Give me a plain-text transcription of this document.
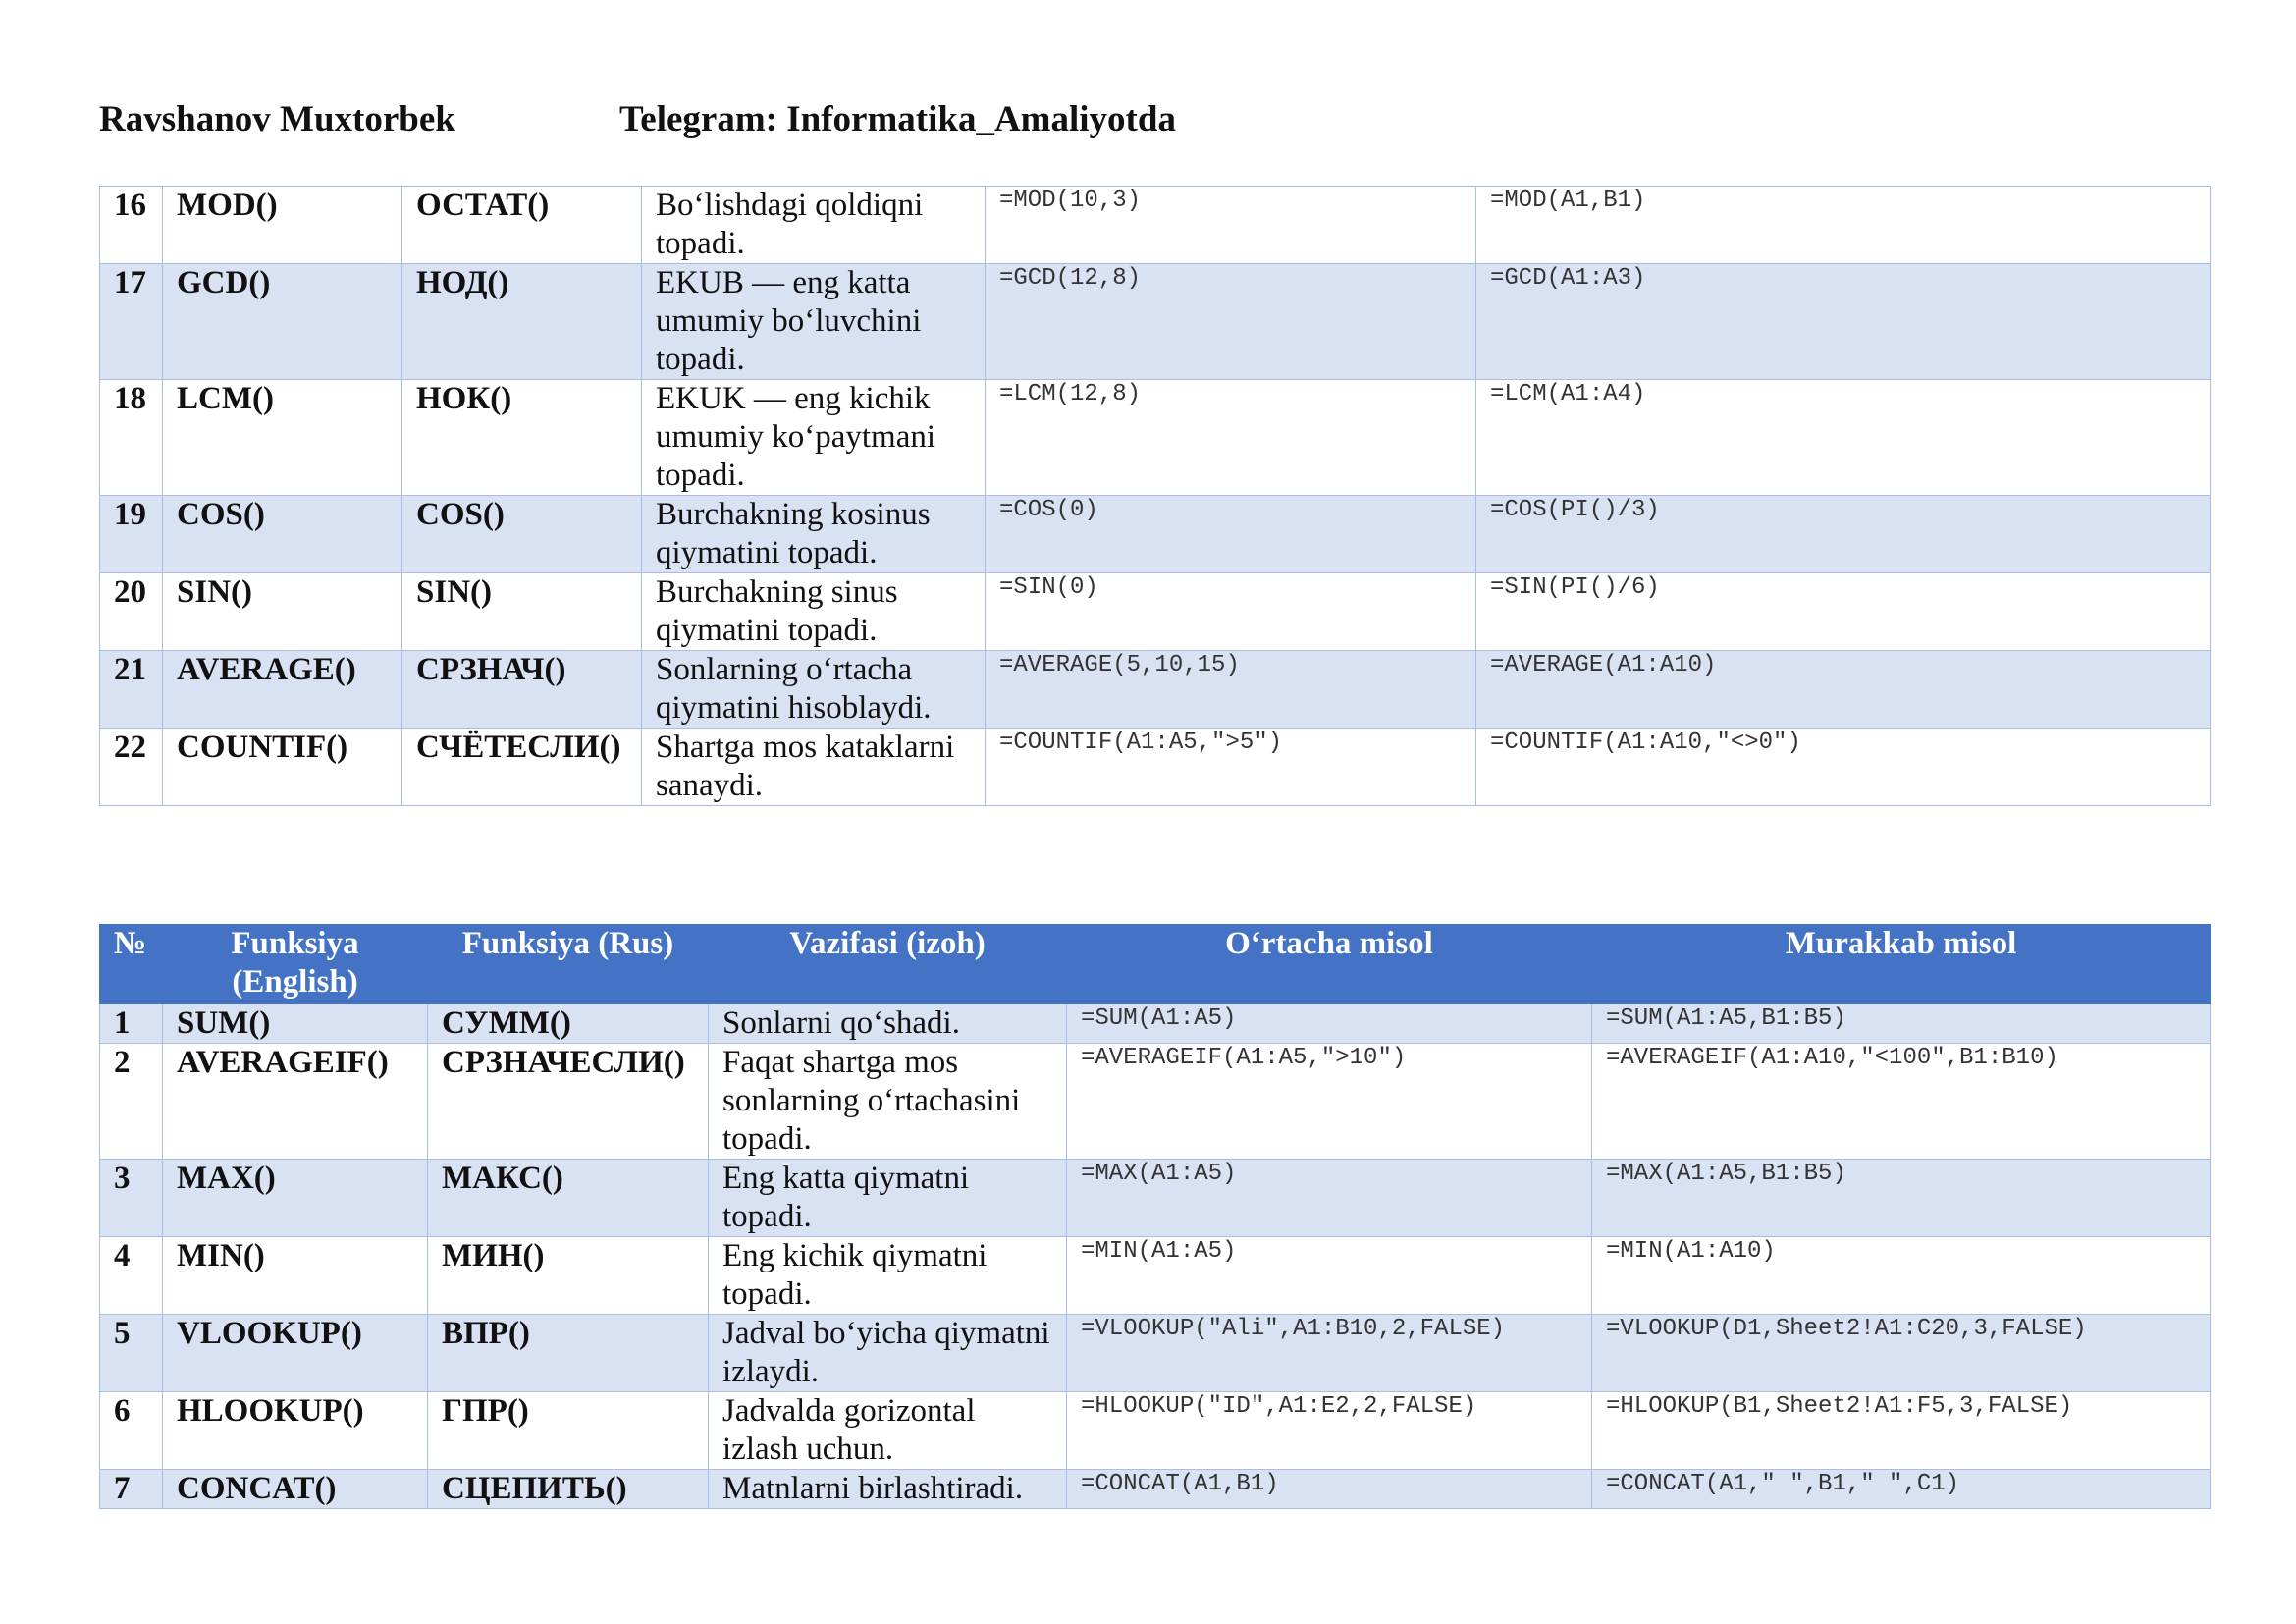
Ravshanov Muxtorbek	Telegram: Informatika_Amaliyotda
16	MOD()	ОСТАТ()	Bo‘lishdagi qoldiqni topadi.	=MOD(10,3)	=MOD(A1,B1)

17	GCD()	НОД()	EKUB — eng katta umumiy bo‘luvchini topadi.	=GCD(12,8)	=GCD(A1:A3)

18	LCM()	НОК()	EKUK — eng kichik umumiy ko‘paytmani topadi.	=LCM(12,8)	=LCM(A1:A4)

19	COS()	COS()	Burchakning kosinus qiymatini topadi.	=COS(0)	=COS(PI()/3)

20	SIN()	SIN()	Burchakning sinus qiymatini topadi.	=SIN(0)	=SIN(PI()/6)

21	AVERAGE()	СРЗНАЧ()	Sonlarning o‘rtacha qiymatini hisoblaydi.	=AVERAGE(5,10,15)	=AVERAGE(A1:A10)

22	COUNTIF()	СЧЁТЕСЛИ()	Shartga mos kataklarni sanaydi.	=COUNTIF(A1:A5,">5")	=COUNTIF(A1:A10,"<>0")
№	Funksiya (English)	Funksiya (Rus)	Vazifasi (izoh)	O‘rtacha misol	Murakkab misol

1	SUM()	СУММ()	Sonlarni qo‘shadi.	=SUM(A1:A5)	=SUM(A1:A5,B1:B5)

2	AVERAGEIF()	СРЗНАЧЕСЛИ()	Faqat shartga mos sonlarning o‘rtachasini topadi.	=AVERAGEIF(A1:A5,">10")	=AVERAGEIF(A1:A10,"<100",B1:B10)

3	MAX()	МАКС()	Eng katta qiymatni topadi.	=MAX(A1:A5)	=MAX(A1:A5,B1:B5)

4	MIN()	МИН()	Eng kichik qiymatni topadi.	=MIN(A1:A5)	=MIN(A1:A10)

5	VLOOKUP()	ВПР()	Jadval bo‘yicha qiymatni izlaydi.	=VLOOKUP("Ali",A1:B10,2,FALSE)	=VLOOKUP(D1,Sheet2!A1:C20,3,FALSE)

6	HLOOKUP()	ГПР()	Jadvalda gorizontal izlash uchun.	=HLOOKUP("ID",A1:E2,2,FALSE)	=HLOOKUP(B1,Sheet2!A1:F5,3,FALSE)

7	CONCAT()	СЦЕПИТЬ()	Matnlarni birlashtiradi.	=CONCAT(A1,B1)	=CONCAT(A1," ",B1," ",C1)
